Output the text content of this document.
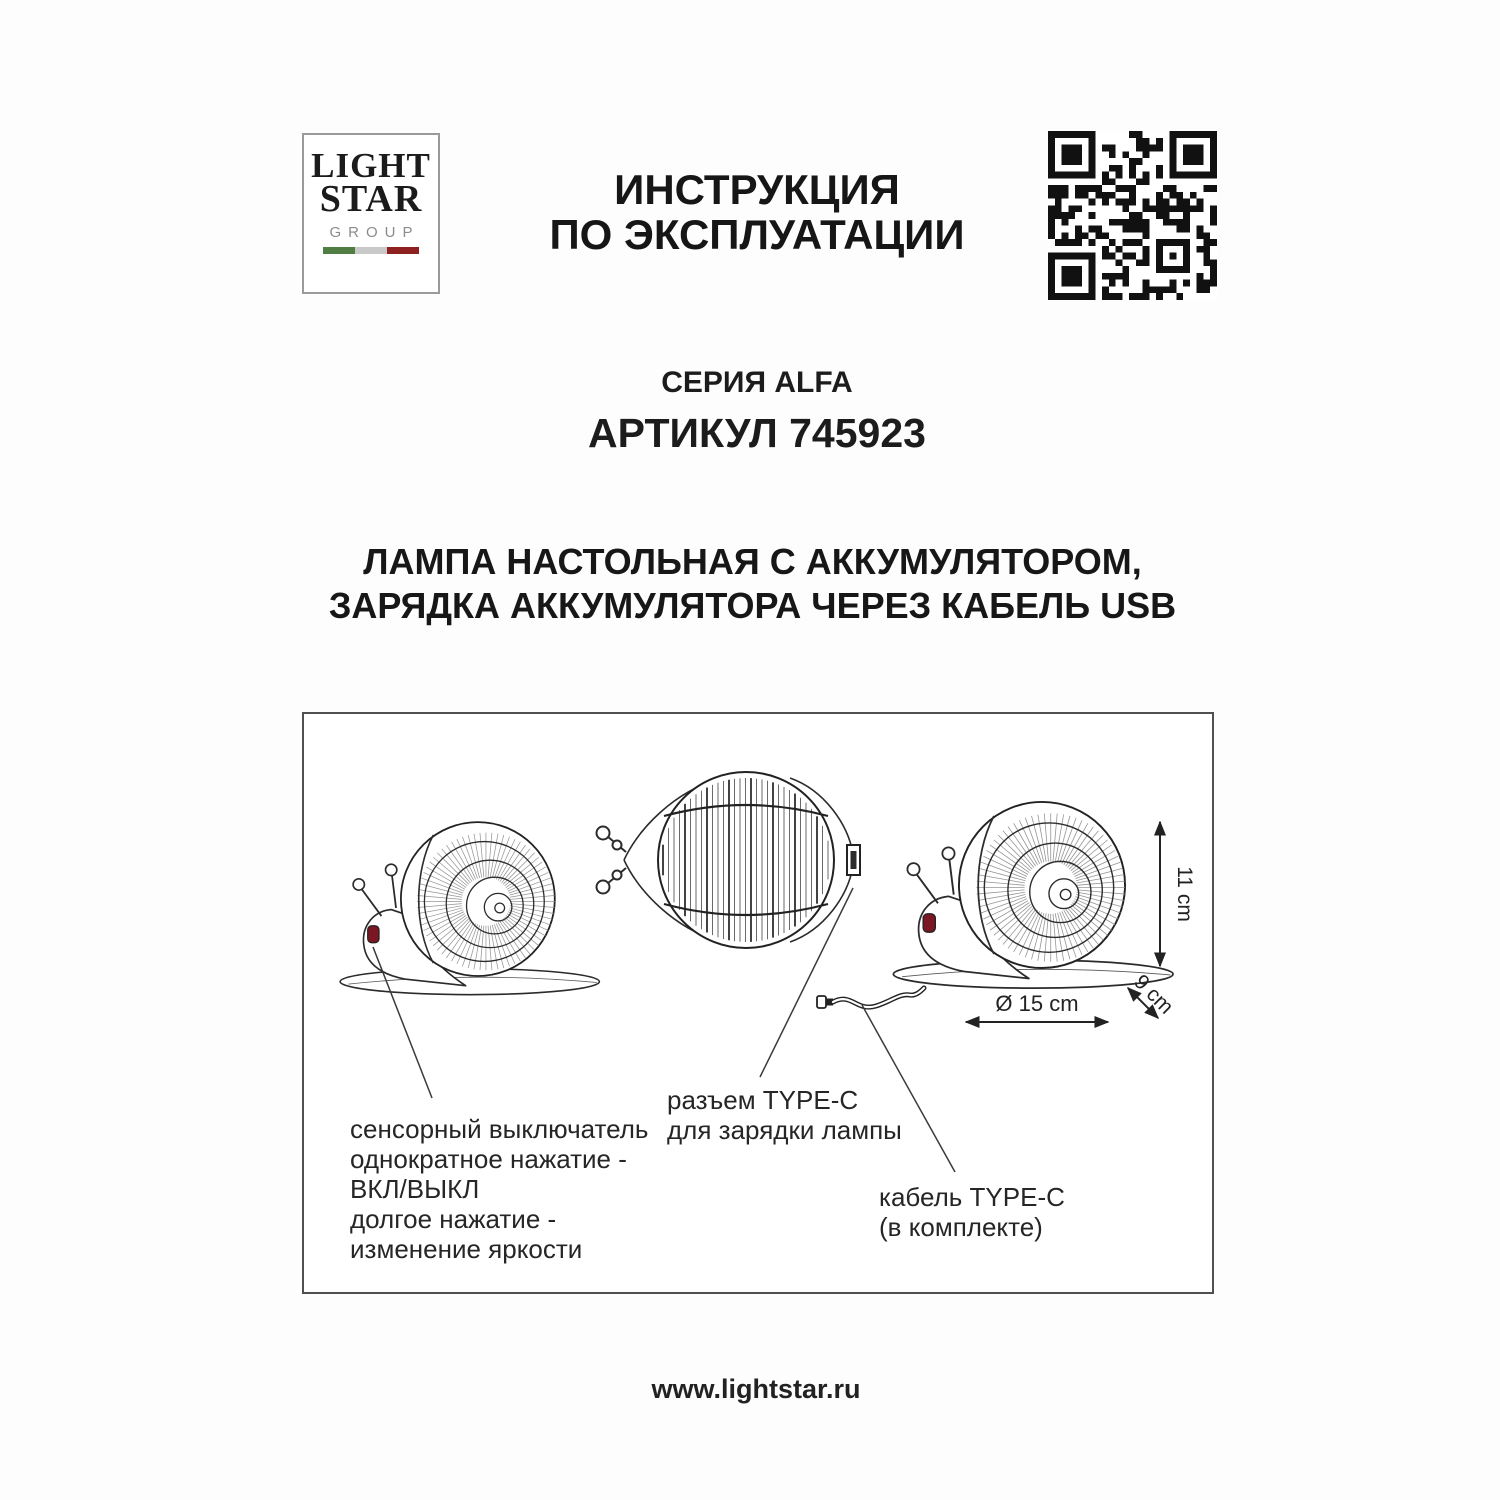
LIGHT
STAR
GROUP
ИНСТРУКЦИЯ
ПО ЭКСПЛУАТАЦИИ
СЕРИЯ ALFA
АРТИКУЛ 745923
ЛАМПА НАСТОЛЬНАЯ С АККУМУЛЯТОРОМ,
ЗАРЯДКА АККУМУЛЯТОРА ЧЕРЕЗ КАБЕЛЬ USB
11 cm
Ø 15 cm 9 cm
сенсорный выключатель
однократное нажатие -
ВКЛ/ВЫКЛ
долгое нажатие -
изменение яркости
разъем TYPE-C
для зарядки лампы
кабель TYPE-C
(в комплекте)
www.lightstar.ru
